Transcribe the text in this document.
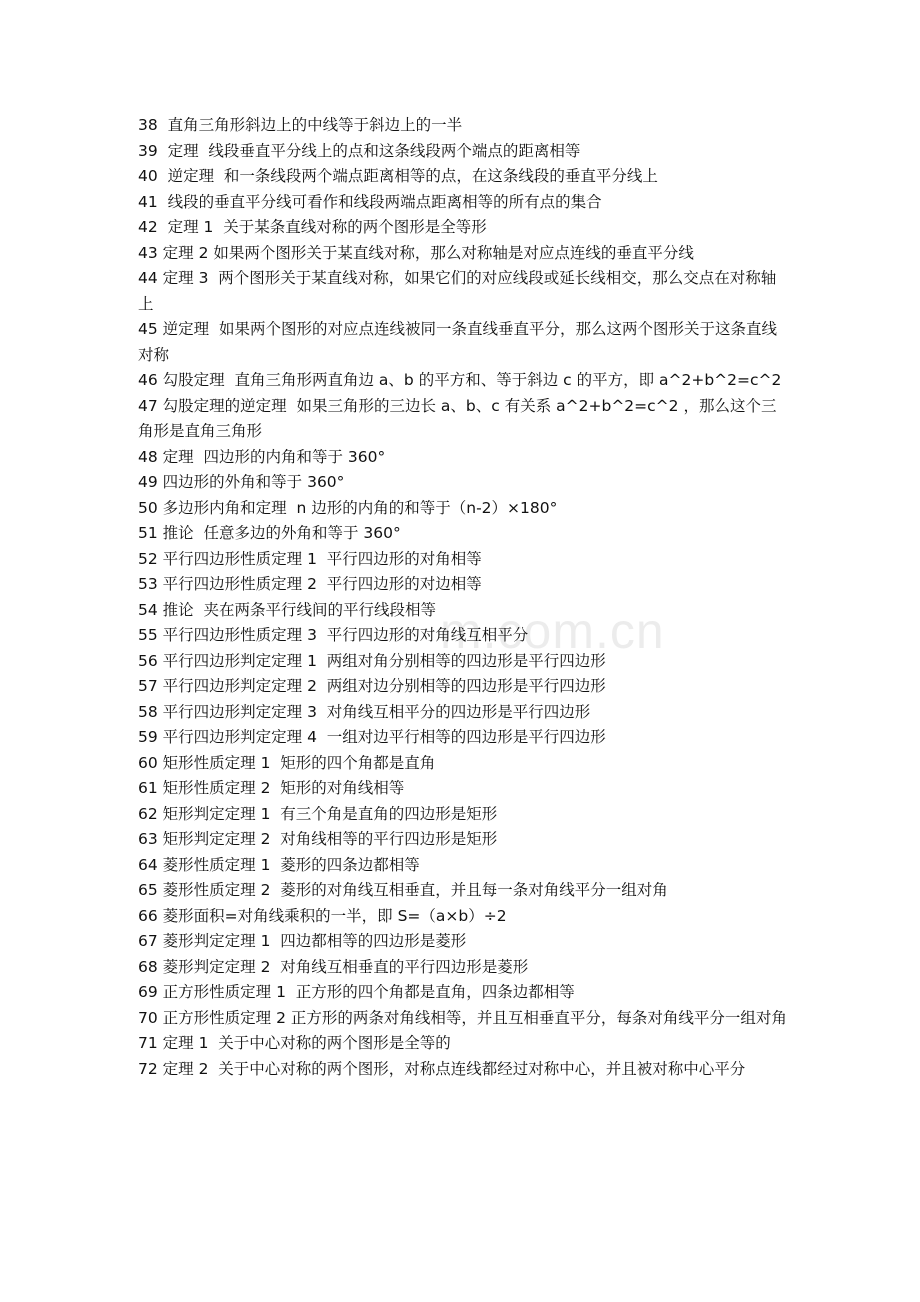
38  直角三角形斜边上的中线等于斜边上的一半
39  定理  线段垂直平分线上的点和这条线段两个端点的距离相等
40  逆定理  和一条线段两个端点距离相等的点，在这条线段的垂直平分线上
41  线段的垂直平分线可看作和线段两端点距离相等的所有点的集合
42  定理 1  关于某条直线对称的两个图形是全等形
43 定理 2 如果两个图形关于某直线对称，那么对称轴是对应点连线的垂直平分线
44 定理 3  两个图形关于某直线对称，如果它们的对应线段或延长线相交，那么交点在对称轴上
45 逆定理  如果两个图形的对应点连线被同一条直线垂直平分，那么这两个图形关于这条直线对称
46 勾股定理  直角三角形两直角边 a、b 的平方和、等于斜边 c 的平方，即 a^2+b^2=c^2
47 勾股定理的逆定理  如果三角形的三边长 a、b、c 有关系 a^2+b^2=c^2 ，那么这个三角形是直角三角形
48 定理  四边形的内角和等于 360°
49 四边形的外角和等于 360°
50 多边形内角和定理  n 边形的内角的和等于（n-2）×180°
51 推论  任意多边的外角和等于 360°
52 平行四边形性质定理 1  平行四边形的对角相等
53 平行四边形性质定理 2  平行四边形的对边相等
54 推论  夹在两条平行线间的平行线段相等
55 平行四边形性质定理 3  平行四边形的对角线互相平分
56 平行四边形判定定理 1  两组对角分别相等的四边形是平行四边形
57 平行四边形判定定理 2  两组对边分别相等的四边形是平行四边形
58 平行四边形判定定理 3  对角线互相平分的四边形是平行四边形
59 平行四边形判定定理 4  一组对边平行相等的四边形是平行四边形
60 矩形性质定理 1  矩形的四个角都是直角
61 矩形性质定理 2  矩形的对角线相等
62 矩形判定定理 1  有三个角是直角的四边形是矩形
63 矩形判定定理 2  对角线相等的平行四边形是矩形
64 菱形性质定理 1  菱形的四条边都相等
65 菱形性质定理 2  菱形的对角线互相垂直，并且每一条对角线平分一组对角
66 菱形面积=对角线乘积的一半，即 S=（a×b）÷2
67 菱形判定定理 1  四边都相等的四边形是菱形
68 菱形判定定理 2  对角线互相垂直的平行四边形是菱形
69 正方形性质定理 1  正方形的四个角都是直角，四条边都相等
70 正方形性质定理 2 正方形的两条对角线相等，并且互相垂直平分，每条对角线平分一组对角
71 定理 1  关于中心对称的两个图形是全等的
72 定理 2  关于中心对称的两个图形，对称点连线都经过对称中心，并且被对称中心平分
m.com.cn
